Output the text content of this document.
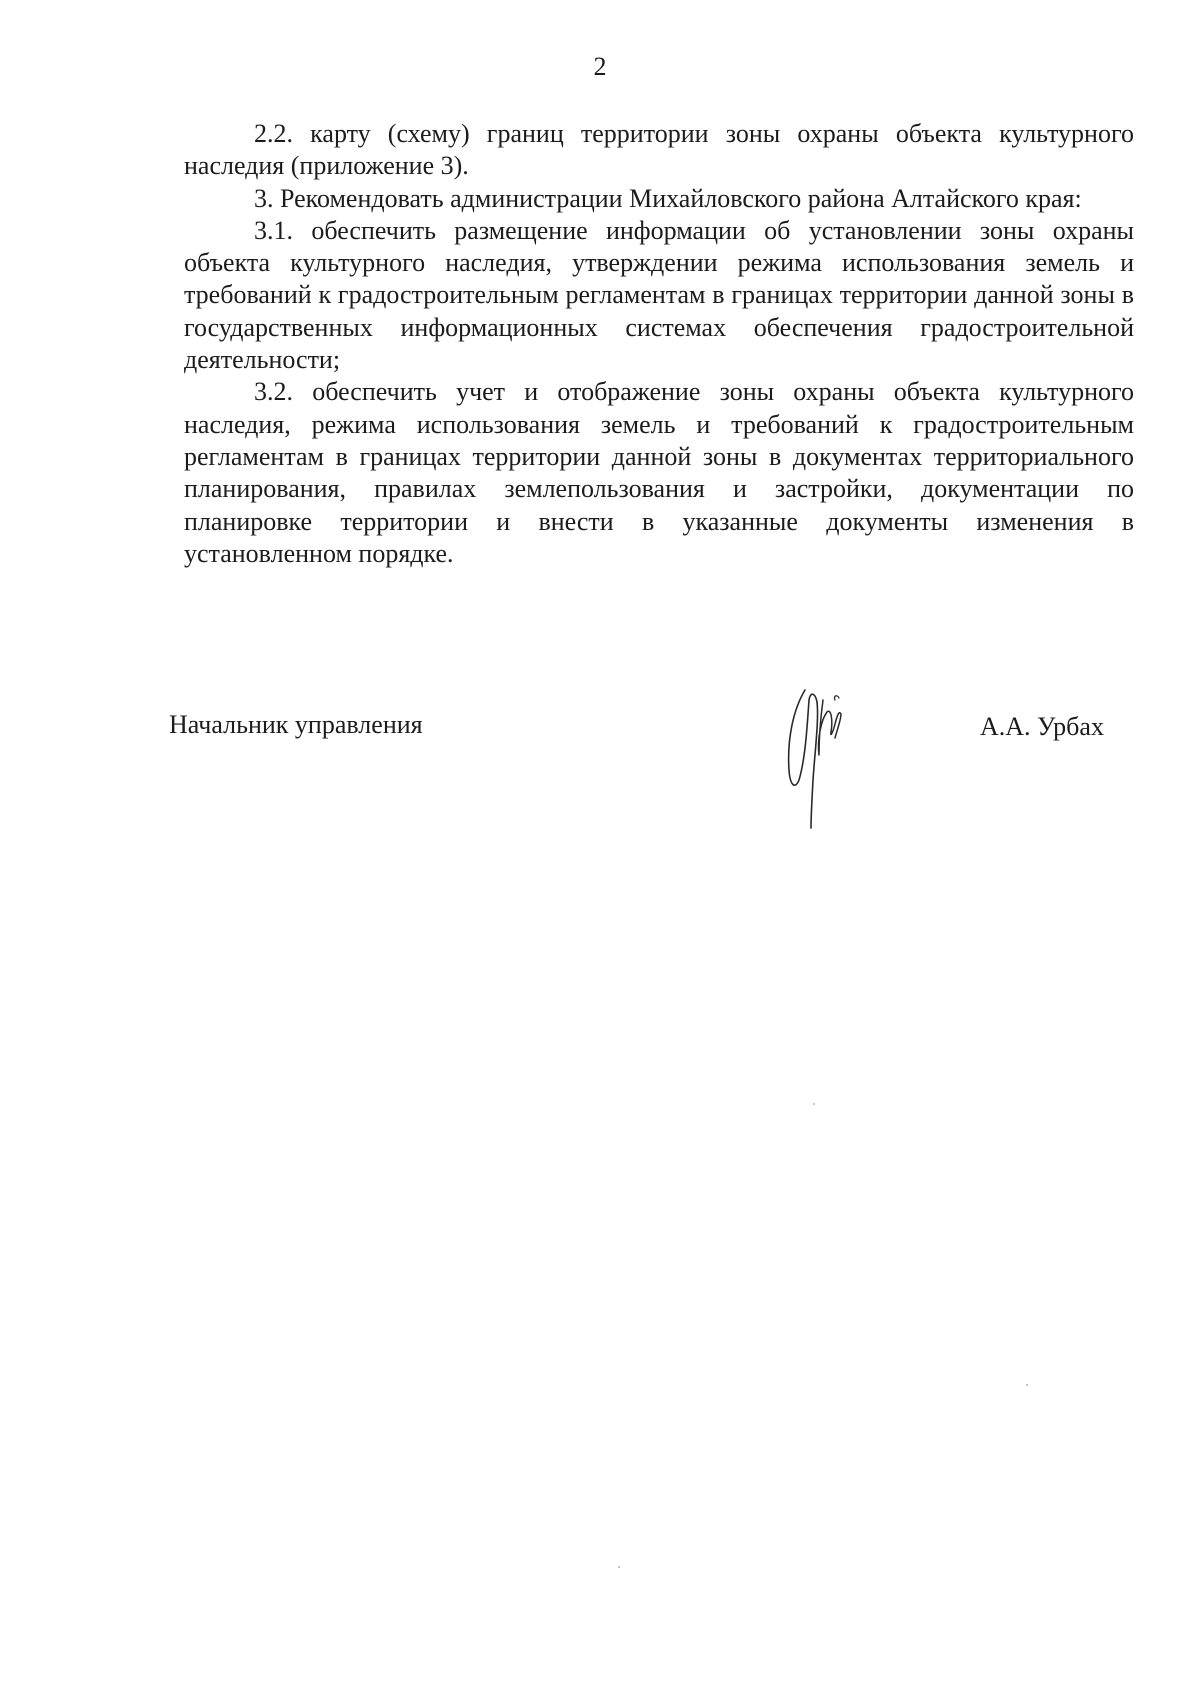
2

2.2. карту (схему) границ территории зоны охраны объекта культурного наследия (приложение 3).

3. Рекомендовать администрации Михайловского района Алтайского края:

3.1. обеспечить размещение информации об установлении зоны охраны объекта культурного наследия, утверждении режима использования земель и требований к градостроительным регламентам в границах территории данной зоны в государственных информационных системах обеспечения градостроительной деятельности;

3.2. обеспечить учет и отображение зоны охраны объекта культурного наследия, режима использования земель и требований к градостроительным регламентам в границах территории данной зоны в документах территориального планирования, правилах землепользования и застройки, документации по планировке территории и внести в указанные документы изменения в установленном порядке.

Начальник управления	А.А. Урбах
